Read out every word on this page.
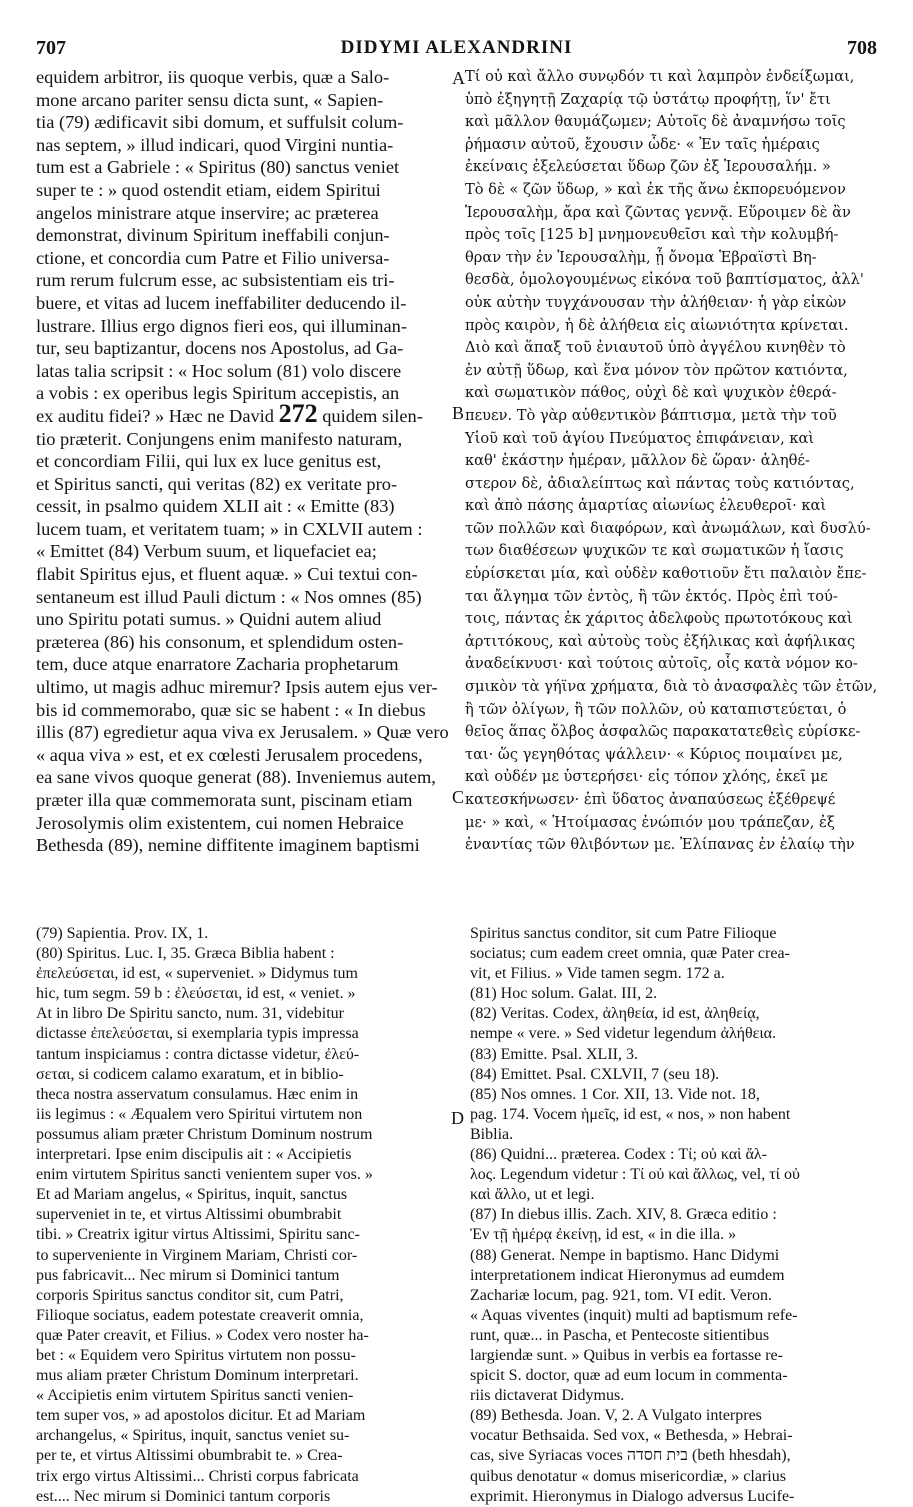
707	DIDYMI ALEXANDRINI	708
equidem arbitror, iis quoque verbis, quæ a Salo-
mone arcano pariter sensu dicta sunt, « Sapien-
tia (79) ædificavit sibi domum, et suffulsit colum-
nas septem, » illud indicari, quod Virgini nuntia-
tum est a Gabriele : « Spiritus (80) sanctus veniet
super te : » quod ostendit etiam, eidem Spiritui
angelos ministrare atque inservire; ac præterea
demonstrat, divinum Spiritum ineffabili conjun-
ctione, et concordia cum Patre et Filio universa-
rum rerum fulcrum esse, ac subsistentiam eis tri-
buere, et vitas ad lucem ineffabiliter deducendo il-
lustrare. Illius ergo dignos fieri eos, qui illuminan-
tur, seu baptizantur, docens nos Apostolus, ad Ga-
latas talia scripsit : « Hoc solum (81) volo discere
a vobis : ex operibus legis Spiritum accepistis, an
ex auditu fidei? » Hæc ne David 272 quidem silen-
tio præterit. Conjungens enim manifesto naturam,
et concordiam Filii, qui lux ex luce genitus est,
et Spiritus sancti, qui veritas (82) ex veritate pro-
cessit, in psalmo quidem XLII ait : « Emitte (83)
lucem tuam, et veritatem tuam; » in CXLVII autem :
« Emittet (84) Verbum suum, et liquefaciet ea;
flabit Spiritus ejus, et fluent aquæ. » Cui textui con-
sentaneum est illud Pauli dictum : « Nos omnes (85)
uno Spiritu potati sumus. » Quidni autem aliud
præterea (86) his consonum, et splendidum osten-
tem, duce atque enarratore Zacharia prophetarum
ultimo, ut magis adhuc miremur? Ipsis autem ejus ver-
bis id commemorabo, quæ sic se habent : « In diebus
illis (87) egredietur aqua viva ex Jerusalem. » Quæ vero
« aqua viva » est, et ex cœlesti Jerusalem procedens,
ea sane vivos quoque generat (88). Inveniemus autem,
præter illa quæ commemorata sunt, piscinam etiam
Jerosolymis olim existentem, cui nomen Hebraice
Bethesda (89), nemine diffitente imaginem baptismi
Τί οὐ καὶ ἄλλο συνῳδόν τι καὶ λαμπρὸν ἐνδείξωμαι,
ὑπὸ ἐξηγητῇ Ζαχαρίᾳ τῷ ὑστάτῳ προφήτῃ, ἵν' ἔτι
καὶ μᾶλλον θαυμάζωμεν; Αὐτοῖς δὲ ἀναμνήσω τοῖς
ῥήμασιν αὐτοῦ, ἔχουσιν ὧδε· « Ἐν ταῖς ἡμέραις
ἐκείναις ἐξελεύσεται ὕδωρ ζῶν ἐξ Ἱερουσαλήμ. »
Τὸ δὲ « ζῶν ὕδωρ, » καὶ ἐκ τῆς ἄνω ἐκπορευόμενον
Ἱερουσαλὴμ, ἄρα καὶ ζῶντας γεννᾷ. Εὕροιμεν δὲ ἂν
πρὸς τοῖς [125 b] μνημονευθεῖσι καὶ τὴν κολυμβή-
θραν τὴν ἐν Ἱερουσαλὴμ, ᾗ ὄνομα Ἑβραϊστὶ Βη-
θεσδὰ, ὁμολογουμένως εἰκόνα τοῦ βαπτίσματος, ἀλλ'
οὐκ αὐτὴν τυγχάνουσαν τὴν ἀλήθειαν· ἡ γὰρ εἰκὼν
πρὸς καιρὸν, ἡ δὲ ἀλήθεια εἰς αἰωνιότητα κρίνεται.
Διὸ καὶ ἅπαξ τοῦ ἐνιαυτοῦ ὑπὸ ἀγγέλου κινηθὲν τὸ
ἐν αὐτῇ ὕδωρ, καὶ ἕνα μόνον τὸν πρῶτον κατιόντα,
καὶ σωματικὸν πάθος, οὐχὶ δὲ καὶ ψυχικὸν ἐθερά-
πευεν. Τὸ γὰρ αὐθεντικὸν βάπτισμα, μετὰ τὴν τοῦ
Υἱοῦ καὶ τοῦ ἁγίου Πνεύματος ἐπιφάνειαν, καὶ
καθ' ἑκάστην ἡμέραν, μᾶλλον δὲ ὥραν· ἀληθέ-
στερον δὲ, ἀδιαλείπτως καὶ πάντας τοὺς κατιόντας,
καὶ ἀπὸ πάσης ἁμαρτίας αἰωνίως ἐλευθεροῖ· καὶ
τῶν πολλῶν καὶ διαφόρων, καὶ ἀνωμάλων, καὶ δυσλύ-
των διαθέσεων ψυχικῶν τε καὶ σωματικῶν ἡ ἴασις
εὑρίσκεται μία, καὶ οὐδὲν καθοτιοῦν ἔτι παλαιὸν ἔπε-
ται ἄλγημα τῶν ἐντὸς, ἢ τῶν ἐκτός. Πρὸς ἐπὶ τού-
τοις, πάντας ἐκ χάριτος ἀδελφοὺς πρωτοτόκους καὶ
ἀρτιτόκους, καὶ αὐτοὺς τοὺς ἐξήλικας καὶ ἀφήλικας
ἀναδείκνυσι· καὶ τούτοις αὐτοῖς, οἷς κατὰ νόμον κο-
σμικὸν τὰ γήϊνα χρήματα, διὰ τὸ ἀνασφαλὲς τῶν ἐτῶν,
ἢ τῶν ὀλίγων, ἢ τῶν πολλῶν, οὐ καταπιστεύεται, ὁ
θεῖος ἅπας ὄλβος ἀσφαλῶς παρακατατεθεὶς εὑρίσκε-
ται· ὥς γεγηθότας ψάλλειν· « Κύριος ποιμαίνει με,
καὶ οὐδέν με ὑστερήσει· εἰς τόπον χλόης, ἐκεῖ με
κατεσκήνωσεν· ἐπὶ ὕδατος ἀναπαύσεως ἐξέθρεψέ
με· » καὶ, « Ἡτοίμασας ἐνώπιόν μου τράπεζαν, ἐξ
ἐναντίας τῶν θλιβόντων με. Ἐλίπανας ἐν ἐλαίῳ τὴν
A
B
C
D
(79) Sapientia. Prov. IX, 1.
(80) Spiritus. Luc. I, 35. Græca Biblia habent :
ἐπελεύσεται, id est, « superveniet. » Didymus tum
hic, tum segm. 59 b : ἐλεύσεται, id est, « veniet. »
At in libro De Spiritu sancto, num. 31, videbitur
dictasse ἐπελεύσεται, si exemplaria typis impressa
tantum inspiciamus : contra dictasse videtur, ἐλεύ-
σεται, si codicem calamo exaratum, et in biblio-
theca nostra asservatum consulamus. Hæc enim in
iis legimus : « Æqualem vero Spiritui virtutem non
possumus aliam præter Christum Dominum nostrum
interpretari. Ipse enim discipulis ait : « Accipietis
enim virtutem Spiritus sancti venientem super vos. »
Et ad Mariam angelus, « Spiritus, inquit, sanctus
superveniet in te, et virtus Altissimi obumbrabit
tibi. » Creatrix igitur virtus Altissimi, Spiritu sanc-
to superveniente in Virginem Mariam, Christi cor-
pus fabricavit... Nec mirum si Dominici tantum
corporis Spiritus sanctus conditor sit, cum Patri,
Filioque sociatus, eadem potestate creaverit omnia,
quæ Pater creavit, et Filius. » Codex vero noster ha-
bet : « Equidem vero Spiritus virtutem non possu-
mus aliam præter Christum Dominum interpretari.
« Accipietis enim virtutem Spiritus sancti venien-
tem super vos, » ad apostolos dicitur. Et ad Mariam
archangelus, « Spiritus, inquit, sanctus veniet su-
per te, et virtus Altissimi obumbrabit te. » Crea-
trix ergo virtus Altissimi... Christi corpus fabricata
est.... Nec mirum si Dominici tantum corporis
Spiritus sanctus conditor, sit cum Patre Filioque
sociatus; cum eadem creet omnia, quæ Pater crea-
vit, et Filius. » Vide tamen segm. 172 a.
(81) Hoc solum. Galat. III, 2.
(82) Veritas. Codex, ἀληθεία, id est, ἀληθείᾳ,
nempe « vere. » Sed videtur legendum ἀλήθεια.
(83) Emitte. Psal. XLII, 3.
(84) Emittet. Psal. CXLVII, 7 (seu 18).
(85) Nos omnes. 1 Cor. XII, 13. Vide not. 18,
pag. 174. Vocem ἡμεῖς, id est, « nos, » non habent
Biblia.
(86) Quidni... præterea. Codex : Τί; οὐ καὶ ἄλ-
λος. Legendum videtur : Τί οὐ καὶ ἄλλως, vel, τί οὐ
καὶ ἄλλο, ut et legi.
(87) In diebus illis. Zach. XIV, 8. Græca editio :
Ἐν τῇ ἡμέρᾳ ἐκείνῃ, id est, « in die illa. »
(88) Generat. Nempe in baptismo. Hanc Didymi
interpretationem indicat Hieronymus ad eumdem
Zachariæ locum, pag. 921, tom. VI edit. Veron.
« Aquas viventes (inquit) multi ad baptismum refe-
runt, quæ... in Pascha, et Pentecoste sitientibus
largiendæ sunt. » Quibus in verbis ea fortasse re-
spicit S. doctor, quæ ad eum locum in commenta-
riis dictaverat Didymus.
(89) Bethesda. Joan. V, 2. A Vulgato interpres
vocatur Bethsaida. Sed vox, « Bethesda, » Hebrai-
cas, sive Syriacas voces בית חסדה (beth hhesdah),
quibus denotatur « domus misericordiæ, » clarius
exprimit. Hieronymus in Dialogo adversus Lucife-
